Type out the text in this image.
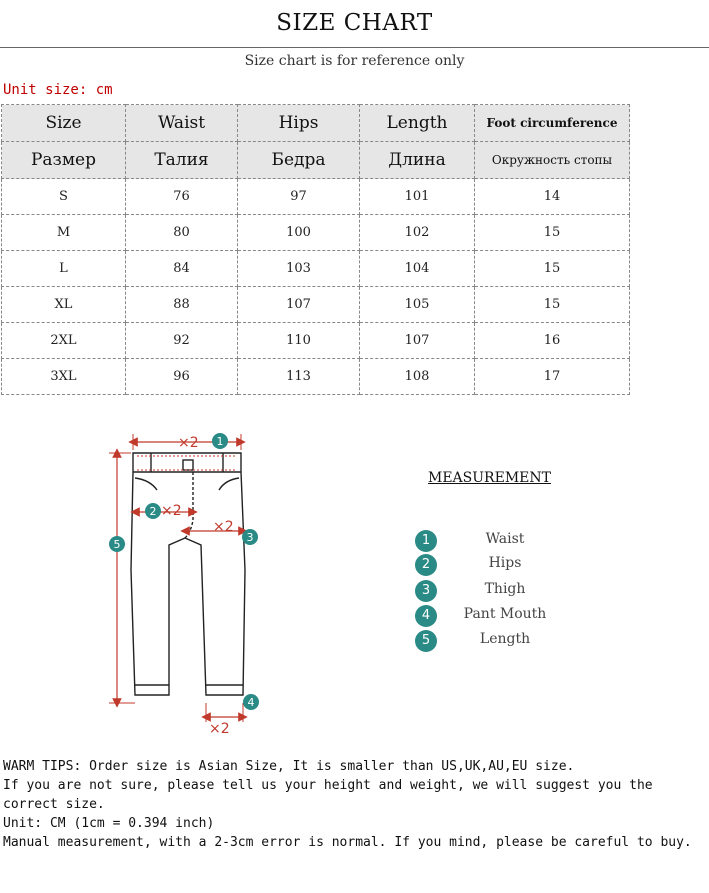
SIZE CHART
Size chart is for reference only
Unit size: cm
Size	Waist	Hips	Length	Foot circumference
Размер	Талия	Бедра	Длина	Окружность стопы
S	76	97	101	14
M	80	100	102	15
L	84	103	104	15
XL	88	107	105	15
2XL	92	110	107	16
3XL	96	113	108	17
×2
×2
×2
×2
1
2
3
4
5
MEASUREMENT
1	Waist
2	Hips
3	Thigh
4	Pant Mouth
5	Length
WARM TIPS: Order size is Asian Size, It is smaller than US,UK,AU,EU size.
If you are not sure, please tell us your height and weight, we will suggest you the correct size.
Unit: CM (1cm = 0.394 inch)
Manual measurement, with a 2-3cm error is normal. If you mind, please be careful to buy.
